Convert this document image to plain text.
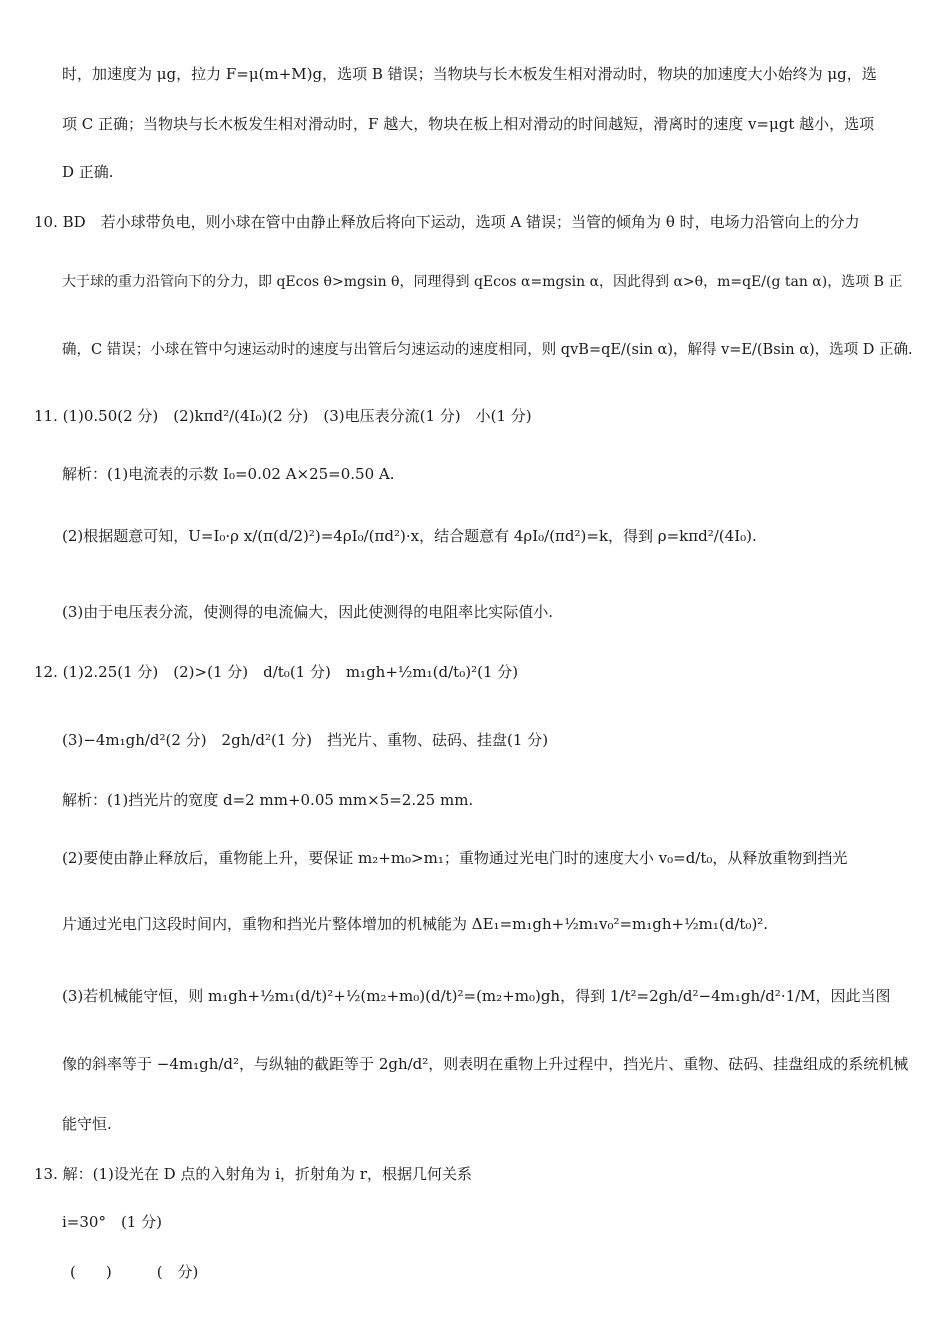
时，加速度为 μg，拉力 F=μ(m+M)g，选项 B 错误；当物块与长木板发生相对滑动时，物块的加速度大小始终为 μg，选
项 C 正确；当物块与长木板发生相对滑动时，F 越大，物块在板上相对滑动的时间越短，滑离时的速度 v=μgt 越小，选项
D 正确.
10. BD　若小球带负电，则小球在管中由静止释放后将向下运动，选项 A 错误；当管的倾角为 θ 时，电场力沿管向上的分力
大于球的重力沿管向下的分力，即 qEcos θ>mgsin θ，同理得到 qEcos α=mgsin α，因此得到 α>θ，m=qE/(g tan α)，选项 B 正
确，C 错误；小球在管中匀速运动时的速度与出管后匀速运动的速度相同，则 qvB=qE/(sin α)，解得 v=E/(Bsin α)，选项 D 正确.
11. (1)0.50(2 分)　(2)kπd²/(4I₀)(2 分)　(3)电压表分流(1 分)　小(1 分)
解析：(1)电流表的示数 I₀=0.02 A×25=0.50 A.
(2)根据题意可知，U=I₀·ρ x/(π(d/2)²)=4ρI₀/(πd²)·x，结合题意有 4ρI₀/(πd²)=k，得到 ρ=kπd²/(4I₀).
(3)由于电压表分流，使测得的电流偏大，因此使测得的电阻率比实际值小.
12. (1)2.25(1 分)　(2)>(1 分)　d/t₀(1 分)　m₁gh+½m₁(d/t₀)²(1 分)
(3)−4m₁gh/d²(2 分)　2gh/d²(1 分)　挡光片、重物、砝码、挂盘(1 分)
解析：(1)挡光片的宽度 d=2 mm+0.05 mm×5=2.25 mm.
(2)要使由静止释放后，重物能上升，要保证 m₂+m₀>m₁；重物通过光电门时的速度大小 v₀=d/t₀，从释放重物到挡光
片通过光电门这段时间内，重物和挡光片整体增加的机械能为 ΔE₁=m₁gh+½m₁v₀²=m₁gh+½m₁(d/t₀)².
(3)若机械能守恒，则 m₁gh+½m₁(d/t)²+½(m₂+m₀)(d/t)²=(m₂+m₀)gh，得到 1/t²=2gh/d²−4m₁gh/d²·1/M，因此当图
像的斜率等于 −4m₁gh/d²，与纵轴的截距等于 2gh/d²，则表明在重物上升过程中，挡光片、重物、砝码、挂盘组成的系统机械
能守恒.
13. 解：(1)设光在 D 点的入射角为 i，折射角为 r，根据几何关系
i=30°　(1 分)
(　　)　　　(　分)
